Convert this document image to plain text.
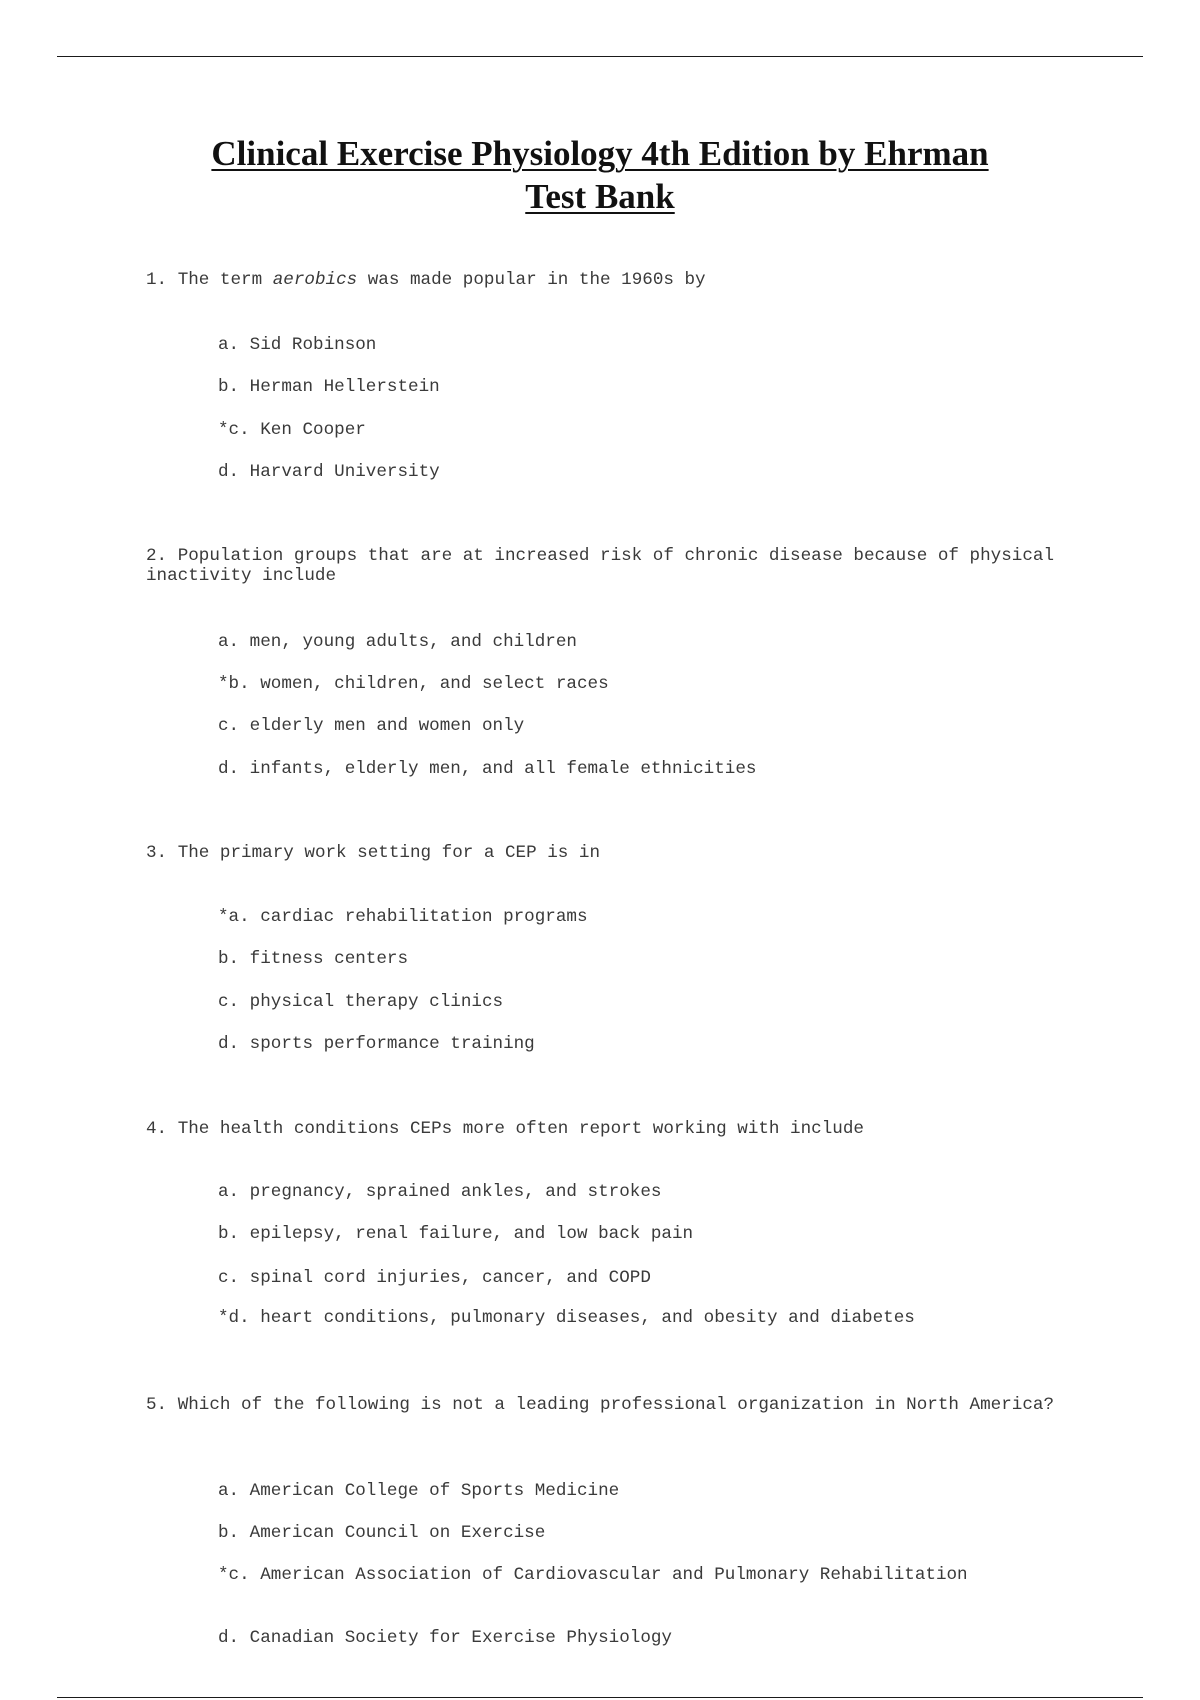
Clinical Exercise Physiology 4th Edition by Ehrman
Test Bank
1. The term aerobics was made popular in the 1960s by
a. Sid Robinson
b. Herman Hellerstein
*c. Ken Cooper
d. Harvard University
2. Population groups that are at increased risk of chronic disease because of physical inactivity include
a. men, young adults, and children
*b. women, children, and select races
c. elderly men and women only
d. infants, elderly men, and all female ethnicities
3. The primary work setting for a CEP is in
*a. cardiac rehabilitation programs
b. fitness centers
c. physical therapy clinics
d. sports performance training
4. The health conditions CEPs more often report working with include
a. pregnancy, sprained ankles, and strokes
b. epilepsy, renal failure, and low back pain
c. spinal cord injuries, cancer, and COPD
*d. heart conditions, pulmonary diseases, and obesity and diabetes
5. Which of the following is not a leading professional organization in North America?
a. American College of Sports Medicine
b. American Council on Exercise
*c. American Association of Cardiovascular and Pulmonary Rehabilitation
d. Canadian Society for Exercise Physiology
